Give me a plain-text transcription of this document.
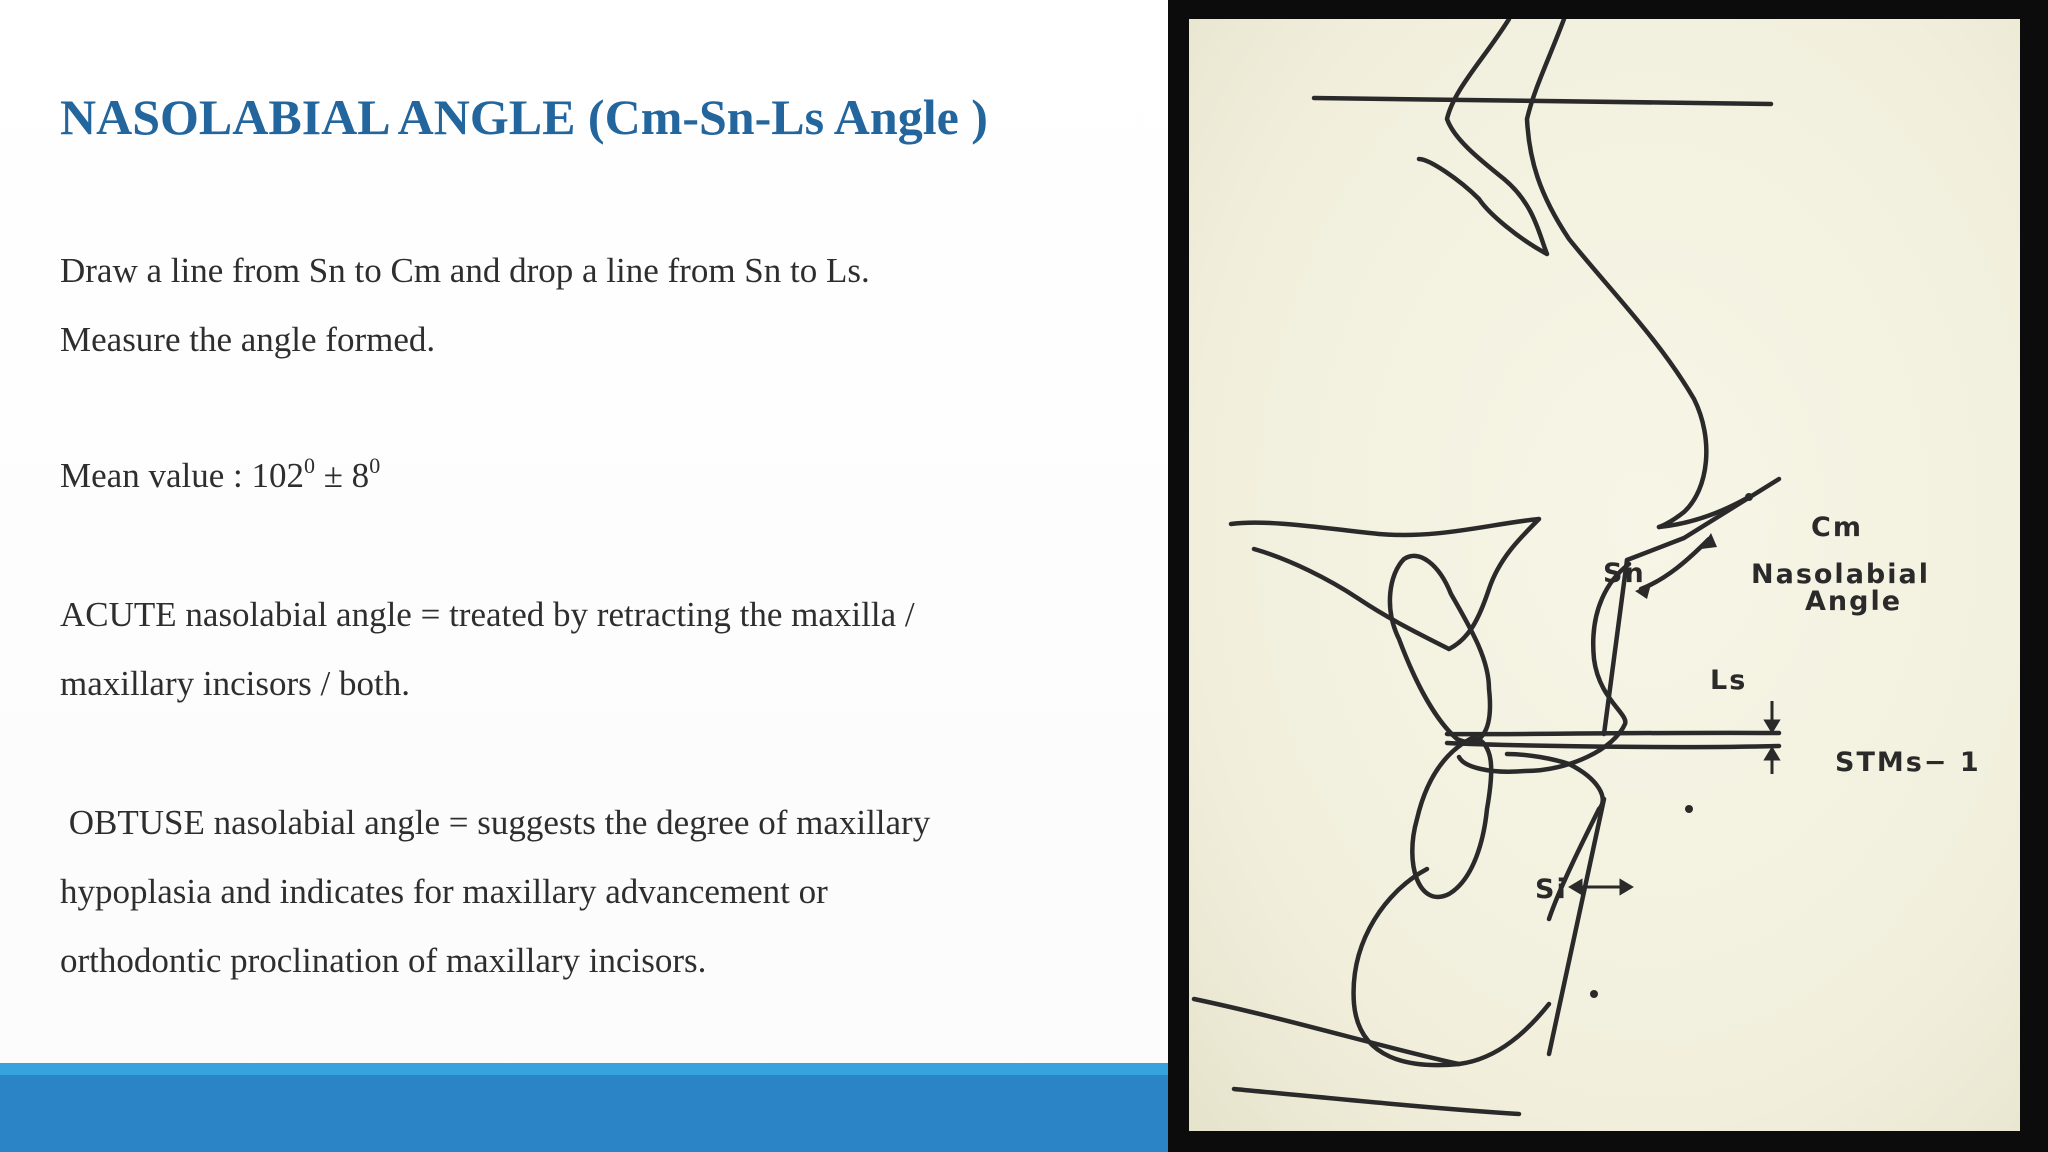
NASOLABIAL ANGLE (Cm-Sn-Ls Angle )
Draw a line from Sn to Cm and drop a line from Sn to Ls.
Measure the angle formed.
Mean value : $102^0 \pm 8^0$
ACUTE nasolabial angle = treated by retracting the maxilla /
maxillary incisors / both.
OBTUSE nasolabial angle = suggests the degree of maxillary
hypoplasia and indicates for maxillary advancement or
orthodontic proclination of maxillary incisors.
Cm
Sn	Nasolabial
Angle
Ls
STMs− 1
Si
